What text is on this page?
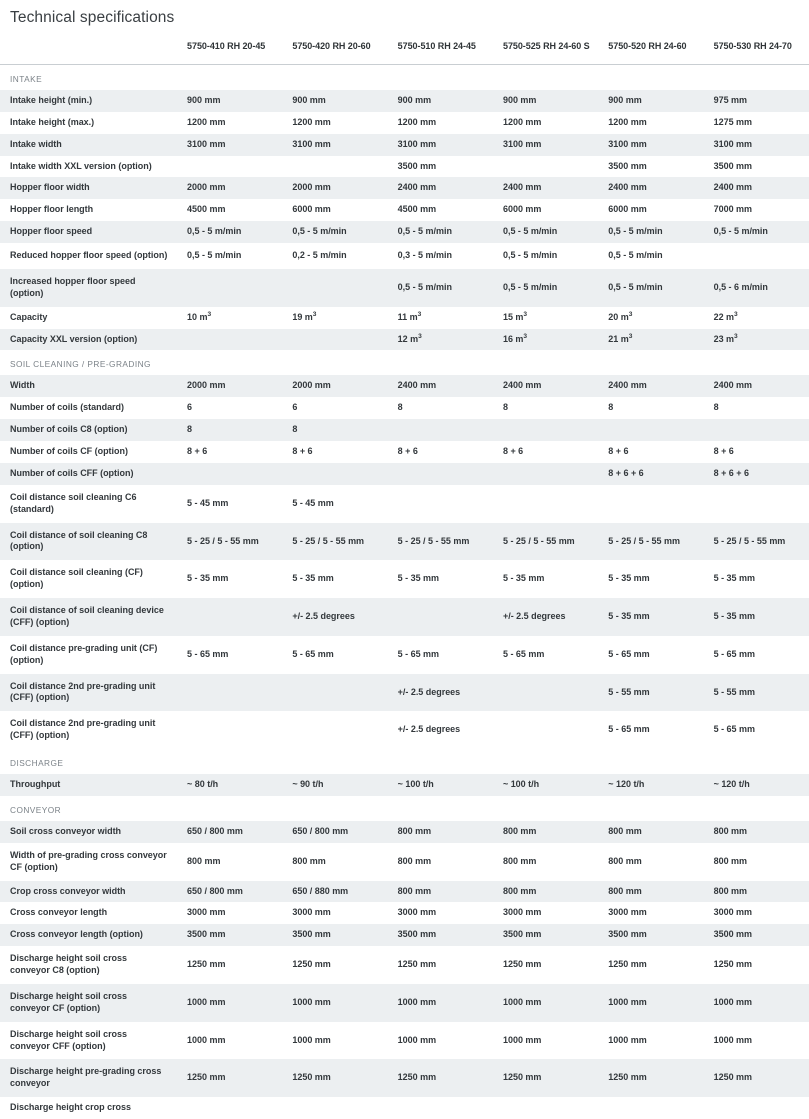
Technical specifications
	5750-410 RH 20-45	5750-420 RH 20-60	5750-510 RH 24-45	5750-525 RH 24-60 S	5750-520 RH 24-60	5750-530 RH 24-70
INTAKE						
Intake height (min.)	900 mm	900 mm	900 mm	900 mm	900 mm	975 mm
Intake height (max.)	1200 mm	1200 mm	1200 mm	1200 mm	1200 mm	1275 mm
Intake width	3100 mm	3100 mm	3100 mm	3100 mm	3100 mm	3100 mm
Intake width XXL version (option)			3500 mm		3500 mm	3500 mm
Hopper floor width	2000 mm	2000 mm	2400 mm	2400 mm	2400 mm	2400 mm
Hopper floor length	4500 mm	6000 mm	4500 mm	6000 mm	6000 mm	7000 mm
Hopper floor speed	0,5 - 5 m/min	0,5 - 5 m/min	0,5 - 5 m/min	0,5 - 5 m/min	0,5 - 5 m/min	0,5 - 5 m/min
Reduced hopper floor speed (option)	0,5 - 5 m/min	0,2 - 5 m/min	0,3 - 5 m/min	0,5 - 5 m/min	0,5 - 5 m/min	
Increased hopper floor speed (option)			0,5 - 5 m/min	0,5 - 5 m/min	0,5 - 5 m/min	0,5 - 6 m/min
Capacity	10 $m^3$	19 $m^3$	11 $m^3$	15 $m^3$	20 $m^3$	22 $m^3$
Capacity XXL version (option)			12 $m^3$	16 $m^3$	21 $m^3$	23 $m^3$
SOIL CLEANING / PRE-GRADING						
Width	2000 mm	2000 mm	2400 mm	2400 mm	2400 mm	2400 mm
Number of coils (standard)	6	6	8	8	8	8
Number of coils C8 (option)	8	8				
Number of coils CF (option)	8 + 6	8 + 6	8 + 6	8 + 6	8 + 6	8 + 6
Number of coils CFF (option)					8 + 6 + 6	8 + 6 + 6
Coil distance soil cleaning C6 (standard)	5 - 45 mm	5 - 45 mm				
Coil distance of soil cleaning C8 (option)	5 - 25 / 5 - 55 mm	5 - 25 / 5 - 55 mm	5 - 25 / 5 - 55 mm	5 - 25 / 5 - 55 mm	5 - 25 / 5 - 55 mm	5 - 25 / 5 - 55 mm
Coil distance soil cleaning (CF) (option)	5 - 35 mm	5 - 35 mm	5 - 35 mm	5 - 35 mm	5 - 35 mm	5 - 35 mm
Coil distance of soil cleaning device (CFF) (option)		+/- 2.5 degrees		+/- 2.5 degrees	5 - 35 mm	5 - 35 mm
Coil distance pre-grading unit (CF) (option)	5 - 65 mm	5 - 65 mm	5 - 65 mm	5 - 65 mm	5 - 65 mm	5 - 65 mm
Coil distance 2nd pre-grading unit (CFF) (option)			+/- 2.5 degrees		5 - 55 mm	5 - 55 mm
Coil distance 2nd pre-grading unit (CFF) (option)			+/- 2.5 degrees		5 - 65 mm	5 - 65 mm
DISCHARGE						
Throughput	~ 80 t/h	~ 90 t/h	~ 100 t/h	~ 100 t/h	~ 120 t/h	~ 120 t/h
CONVEYOR						
Soil cross conveyor width	650 / 800 mm	650 / 800 mm	800 mm	800 mm	800 mm	800 mm
Width of pre-grading cross conveyor CF (option)	800 mm	800 mm	800 mm	800 mm	800 mm	800 mm
Crop cross conveyor width	650 / 800 mm	650 / 880 mm	800 mm	800 mm	800 mm	800 mm
Cross conveyor length	3000 mm	3000 mm	3000 mm	3000 mm	3000 mm	3000 mm
Cross conveyor length (option)	3500 mm	3500 mm	3500 mm	3500 mm	3500 mm	3500 mm
Discharge height soil cross conveyor C8 (option)	1250 mm	1250 mm	1250 mm	1250 mm	1250 mm	1250 mm
Discharge height soil cross conveyor CF (option)	1000 mm	1000 mm	1000 mm	1000 mm	1000 mm	1000 mm
Discharge height soil cross conveyor CFF (option)	1000 mm	1000 mm	1000 mm	1000 mm	1000 mm	1000 mm
Discharge height pre-grading cross conveyor	1250 mm	1250 mm	1250 mm	1250 mm	1250 mm	1250 mm
Discharge height crop cross						
